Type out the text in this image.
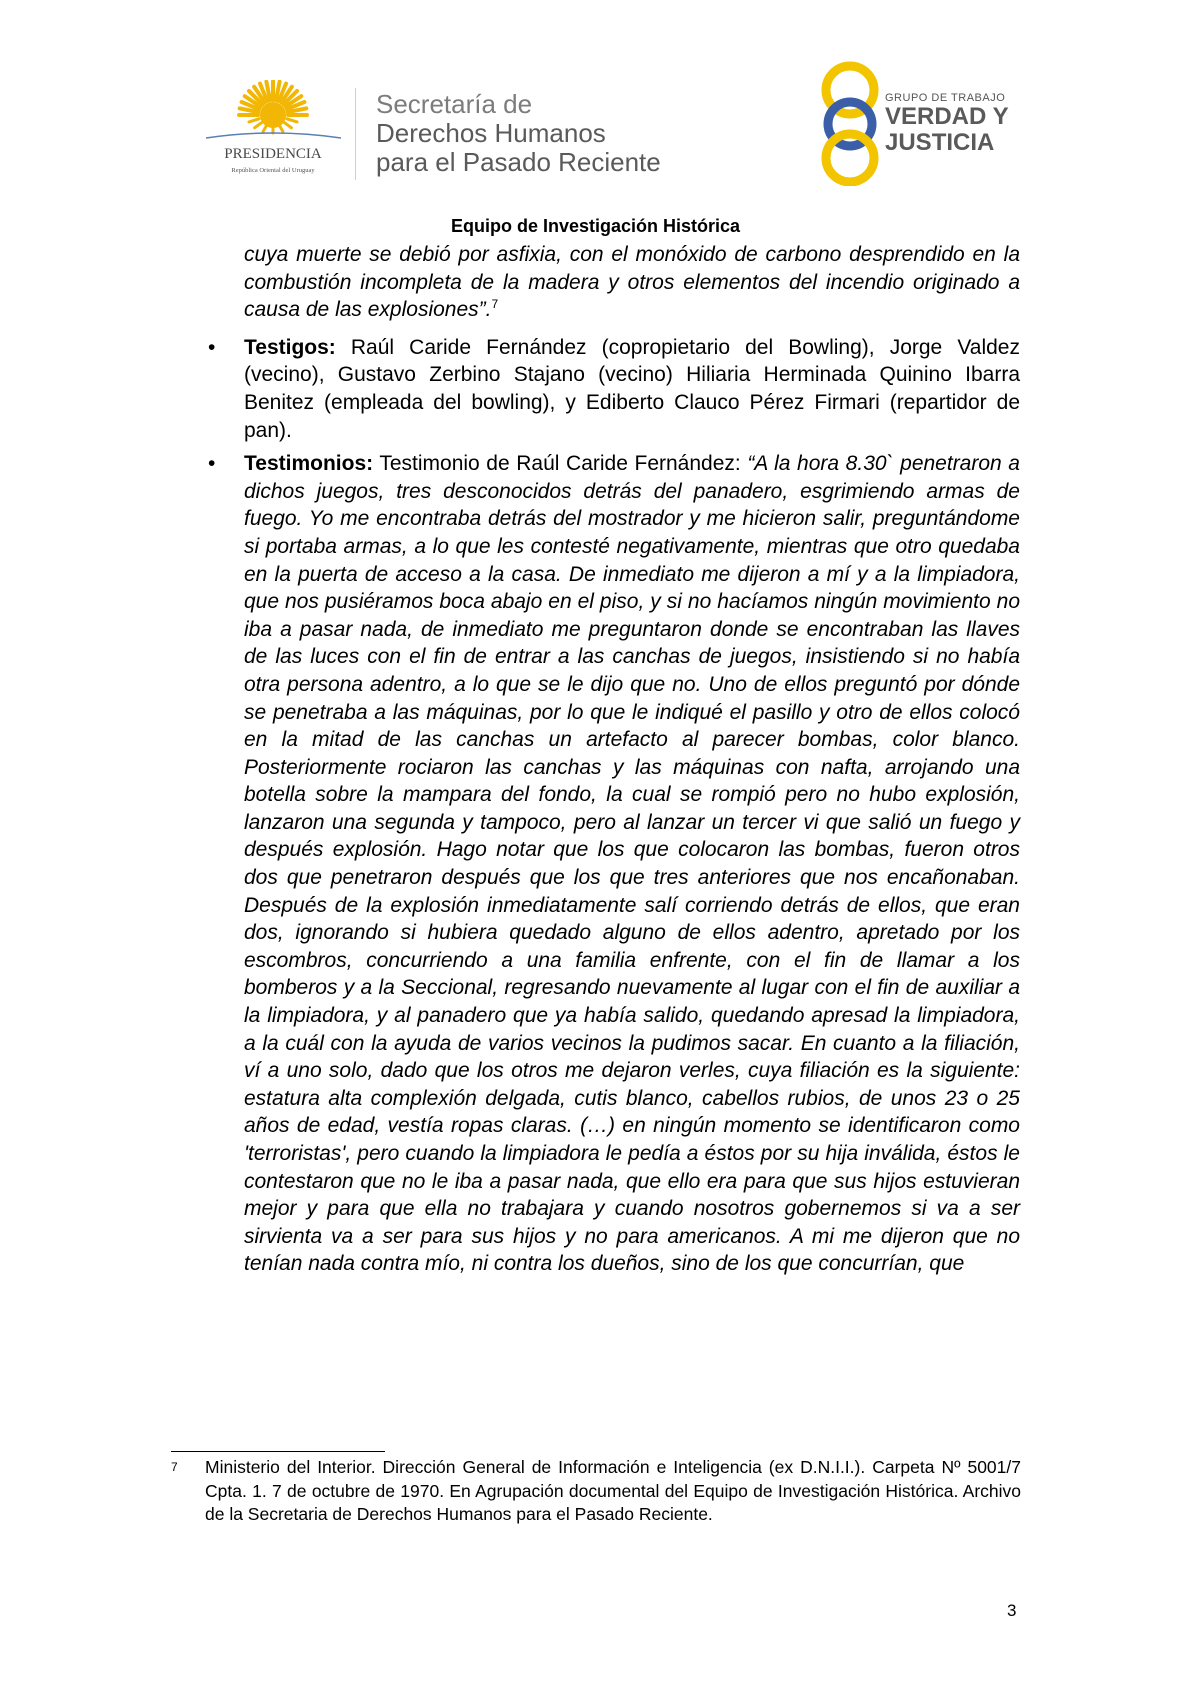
PRESIDENCIA
República Oriental del Uruguay
Secretaría de
Derechos Humanos
para el Pasado Reciente
GRUPO DE TRABAJO
VERDAD Y
JUSTICIA
Equipo de Investigación Histórica

cuya muerte se debió por asfixia, con el monóxido de carbono desprendido en la combustión incompleta de la madera y otros elementos del incendio originado a causa de las explosiones”.$^7$

• Testigos: Raúl Caride Fernández (copropietario del Bowling), Jorge Valdez (vecino), Gustavo Zerbino Stajano (vecino) Hiliaria Herminada Quinino Ibarra Benitez (empleada del bowling), y Ediberto Clauco Pérez Firmari (repartidor de pan).

• Testimonios: Testimonio de Raúl Caride Fernández: “A la hora 8.30` penetraron a dichos juegos, tres desconocidos detrás del panadero, esgrimiendo armas de fuego. Yo me encontraba detrás del mostrador y me hicieron salir, preguntándome si portaba armas, a lo que les contesté negativamente, mientras que otro quedaba en la puerta de acceso a la casa. De inmediato me dijeron a mí y a la limpiadora, que nos pusiéramos boca abajo en el piso, y si no hacíamos ningún movimiento no iba a pasar nada, de inmediato me preguntaron donde se encontraban las llaves de las luces con el fin de entrar a las canchas de juegos, insistiendo si no había otra persona adentro, a lo que se le dijo que no. Uno de ellos preguntó por dónde se penetraba a las máquinas, por lo que le indiqué el pasillo y otro de ellos colocó en la mitad de las canchas un artefacto al parecer bombas, color blanco. Posteriormente rociaron las canchas y las máquinas con nafta, arrojando una botella sobre la mampara del fondo, la cual se rompió pero no hubo explosión, lanzaron una segunda y tampoco, pero al lanzar un tercer vi que salió un fuego y después explosión. Hago notar que los que colocaron las bombas, fueron otros dos que penetraron después que los que tres anteriores que nos encañonaban. Después de la explosión inmediatamente salí corriendo detrás de ellos, que eran dos, ignorando si hubiera quedado alguno de ellos adentro, apretado por los escombros, concurriendo a una familia enfrente, con el fin de llamar a los bomberos y a la Seccional, regresando nuevamente al lugar con el fin de auxiliar a la limpiadora, y al panadero que ya había salido, quedando apresad la limpiadora, a la cuál con la ayuda de varios vecinos la pudimos sacar. En cuanto a la filiación, ví a uno solo, dado que los otros me dejaron verles, cuya filiación es la siguiente: estatura alta complexión delgada, cutis blanco, cabellos rubios, de unos 23 o 25 años de edad, vestía ropas claras. (…) en ningún momento se identificaron como 'terroristas', pero cuando la limpiadora le pedía a éstos por su hija inválida, éstos le contestaron que no le iba a pasar nada, que ello era para que sus hijos estuvieran mejor y para que ella no trabajara y cuando nosotros gobernemos si va a ser sirvienta va a ser para sus hijos y no para americanos. A mi me dijeron que no tenían nada contra mío, ni contra los dueños, sino de los que concurrían, que

7 Ministerio del Interior. Dirección General de Información e Inteligencia (ex D.N.I.I.). Carpeta Nº 5001/7 Cpta. 1. 7 de octubre de 1970. En Agrupación documental del Equipo de Investigación Histórica. Archivo de la Secretaria de Derechos Humanos para el Pasado Reciente.
3
